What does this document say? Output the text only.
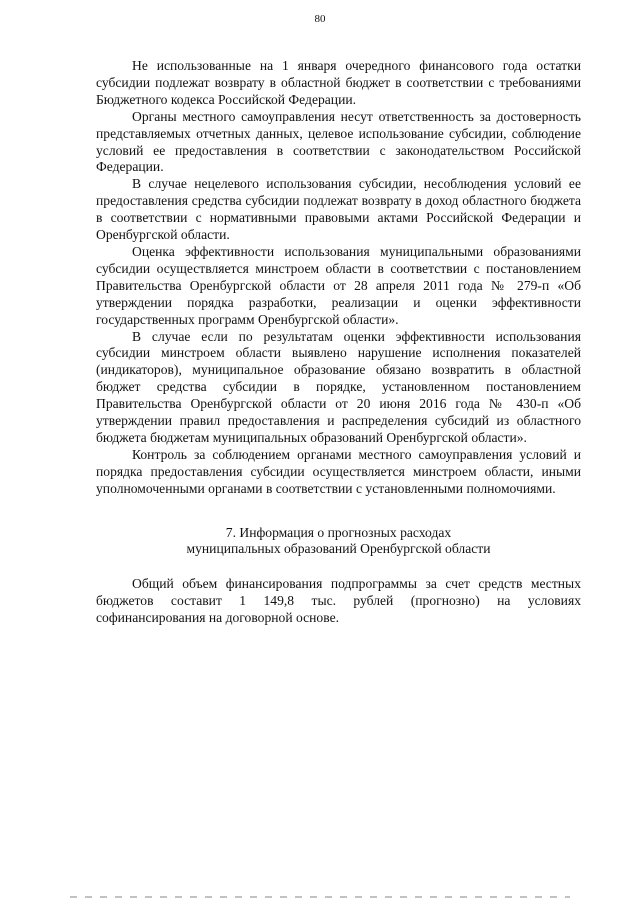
80

Не использованные на 1 января очередного финансового года остатки субсидии подлежат возврату в областной бюджет в соответствии с требованиями Бюджетного кодекса Российской Федерации.

Органы местного самоуправления несут ответственность за достоверность представляемых отчетных данных, целевое использование субсидии, соблюдение условий ее предоставления в соответствии с законодательством Российской Федерации.

В случае нецелевого использования субсидии, несоблюдения условий ее предоставления средства субсидии подлежат возврату в доход областного бюджета в соответствии с нормативными правовыми актами Российской Федерации и Оренбургской области.

Оценка эффективности использования муниципальными образованиями субсидии осуществляется минстроем области в соответствии с постановлением Правительства Оренбургской области от 28 апреля 2011 года № 279-п «Об утверждении порядка разработки, реализации и оценки эффективности государственных программ Оренбургской области».

В случае если по результатам оценки эффективности использования субсидии минстроем области выявлено нарушение исполнения показателей (индикаторов), муниципальное образование обязано возвратить в областной бюджет средства субсидии в порядке, установленном постановлением Правительства Оренбургской области от 20 июня 2016 года № 430-п «Об утверждении правил предоставления и распределения субсидий из областного бюджета бюджетам муниципальных образований Оренбургской области».

Контроль за соблюдением органами местного самоуправления условий и порядка предоставления субсидии осуществляется минстроем области, иными уполномоченными органами в соответствии с установленными полномочиями.

7. Информация о прогнозных расходах
муниципальных образований Оренбургской области

Общий объем финансирования подпрограммы за счет средств местных бюджетов составит 1 149,8 тыс. рублей (прогнозно) на условиях софинансирования на договорной основе.
